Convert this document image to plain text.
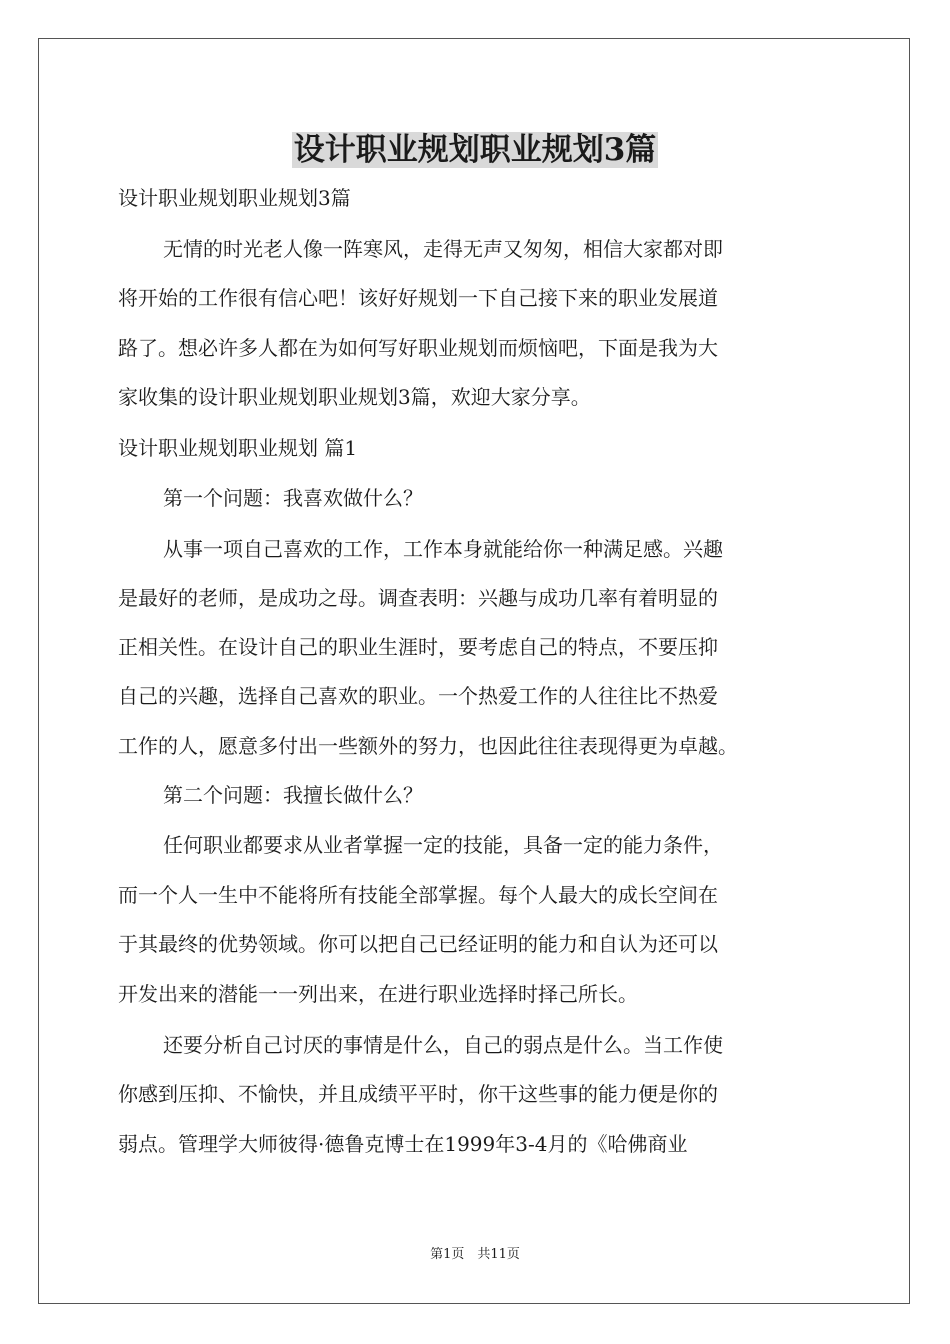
设计职业规划职业规划3篇

设计职业规划职业规划3篇

无情的时光老人像一阵寒风，走得无声又匆匆，相信大家都对即

将开始的工作很有信心吧！该好好规划一下自己接下来的职业发展道

路了。想必许多人都在为如何写好职业规划而烦恼吧，下面是我为大

家收集的设计职业规划职业规划3篇，欢迎大家分享。

设计职业规划职业规划 篇1

第一个问题：我喜欢做什么？

从事一项自己喜欢的工作，工作本身就能给你一种满足感。兴趣

是最好的老师，是成功之母。调查表明：兴趣与成功几率有着明显的

正相关性。在设计自己的职业生涯时，要考虑自己的特点，不要压抑

自己的兴趣，选择自己喜欢的职业。一个热爱工作的人往往比不热爱

工作的人，愿意多付出一些额外的努力，也因此往往表现得更为卓越。

第二个问题：我擅长做什么？

任何职业都要求从业者掌握一定的技能，具备一定的能力条件，

而一个人一生中不能将所有技能全部掌握。每个人最大的成长空间在

于其最终的优势领域。你可以把自己已经证明的能力和自认为还可以

开发出来的潜能一一列出来，在进行职业选择时择己所长。

还要分析自己讨厌的事情是什么，自己的弱点是什么。当工作使

你感到压抑、不愉快，并且成绩平平时，你干这些事的能力便是你的

弱点。管理学大师彼得·德鲁克博士在1999年3-4月的《哈佛商业

第1页　共11页
